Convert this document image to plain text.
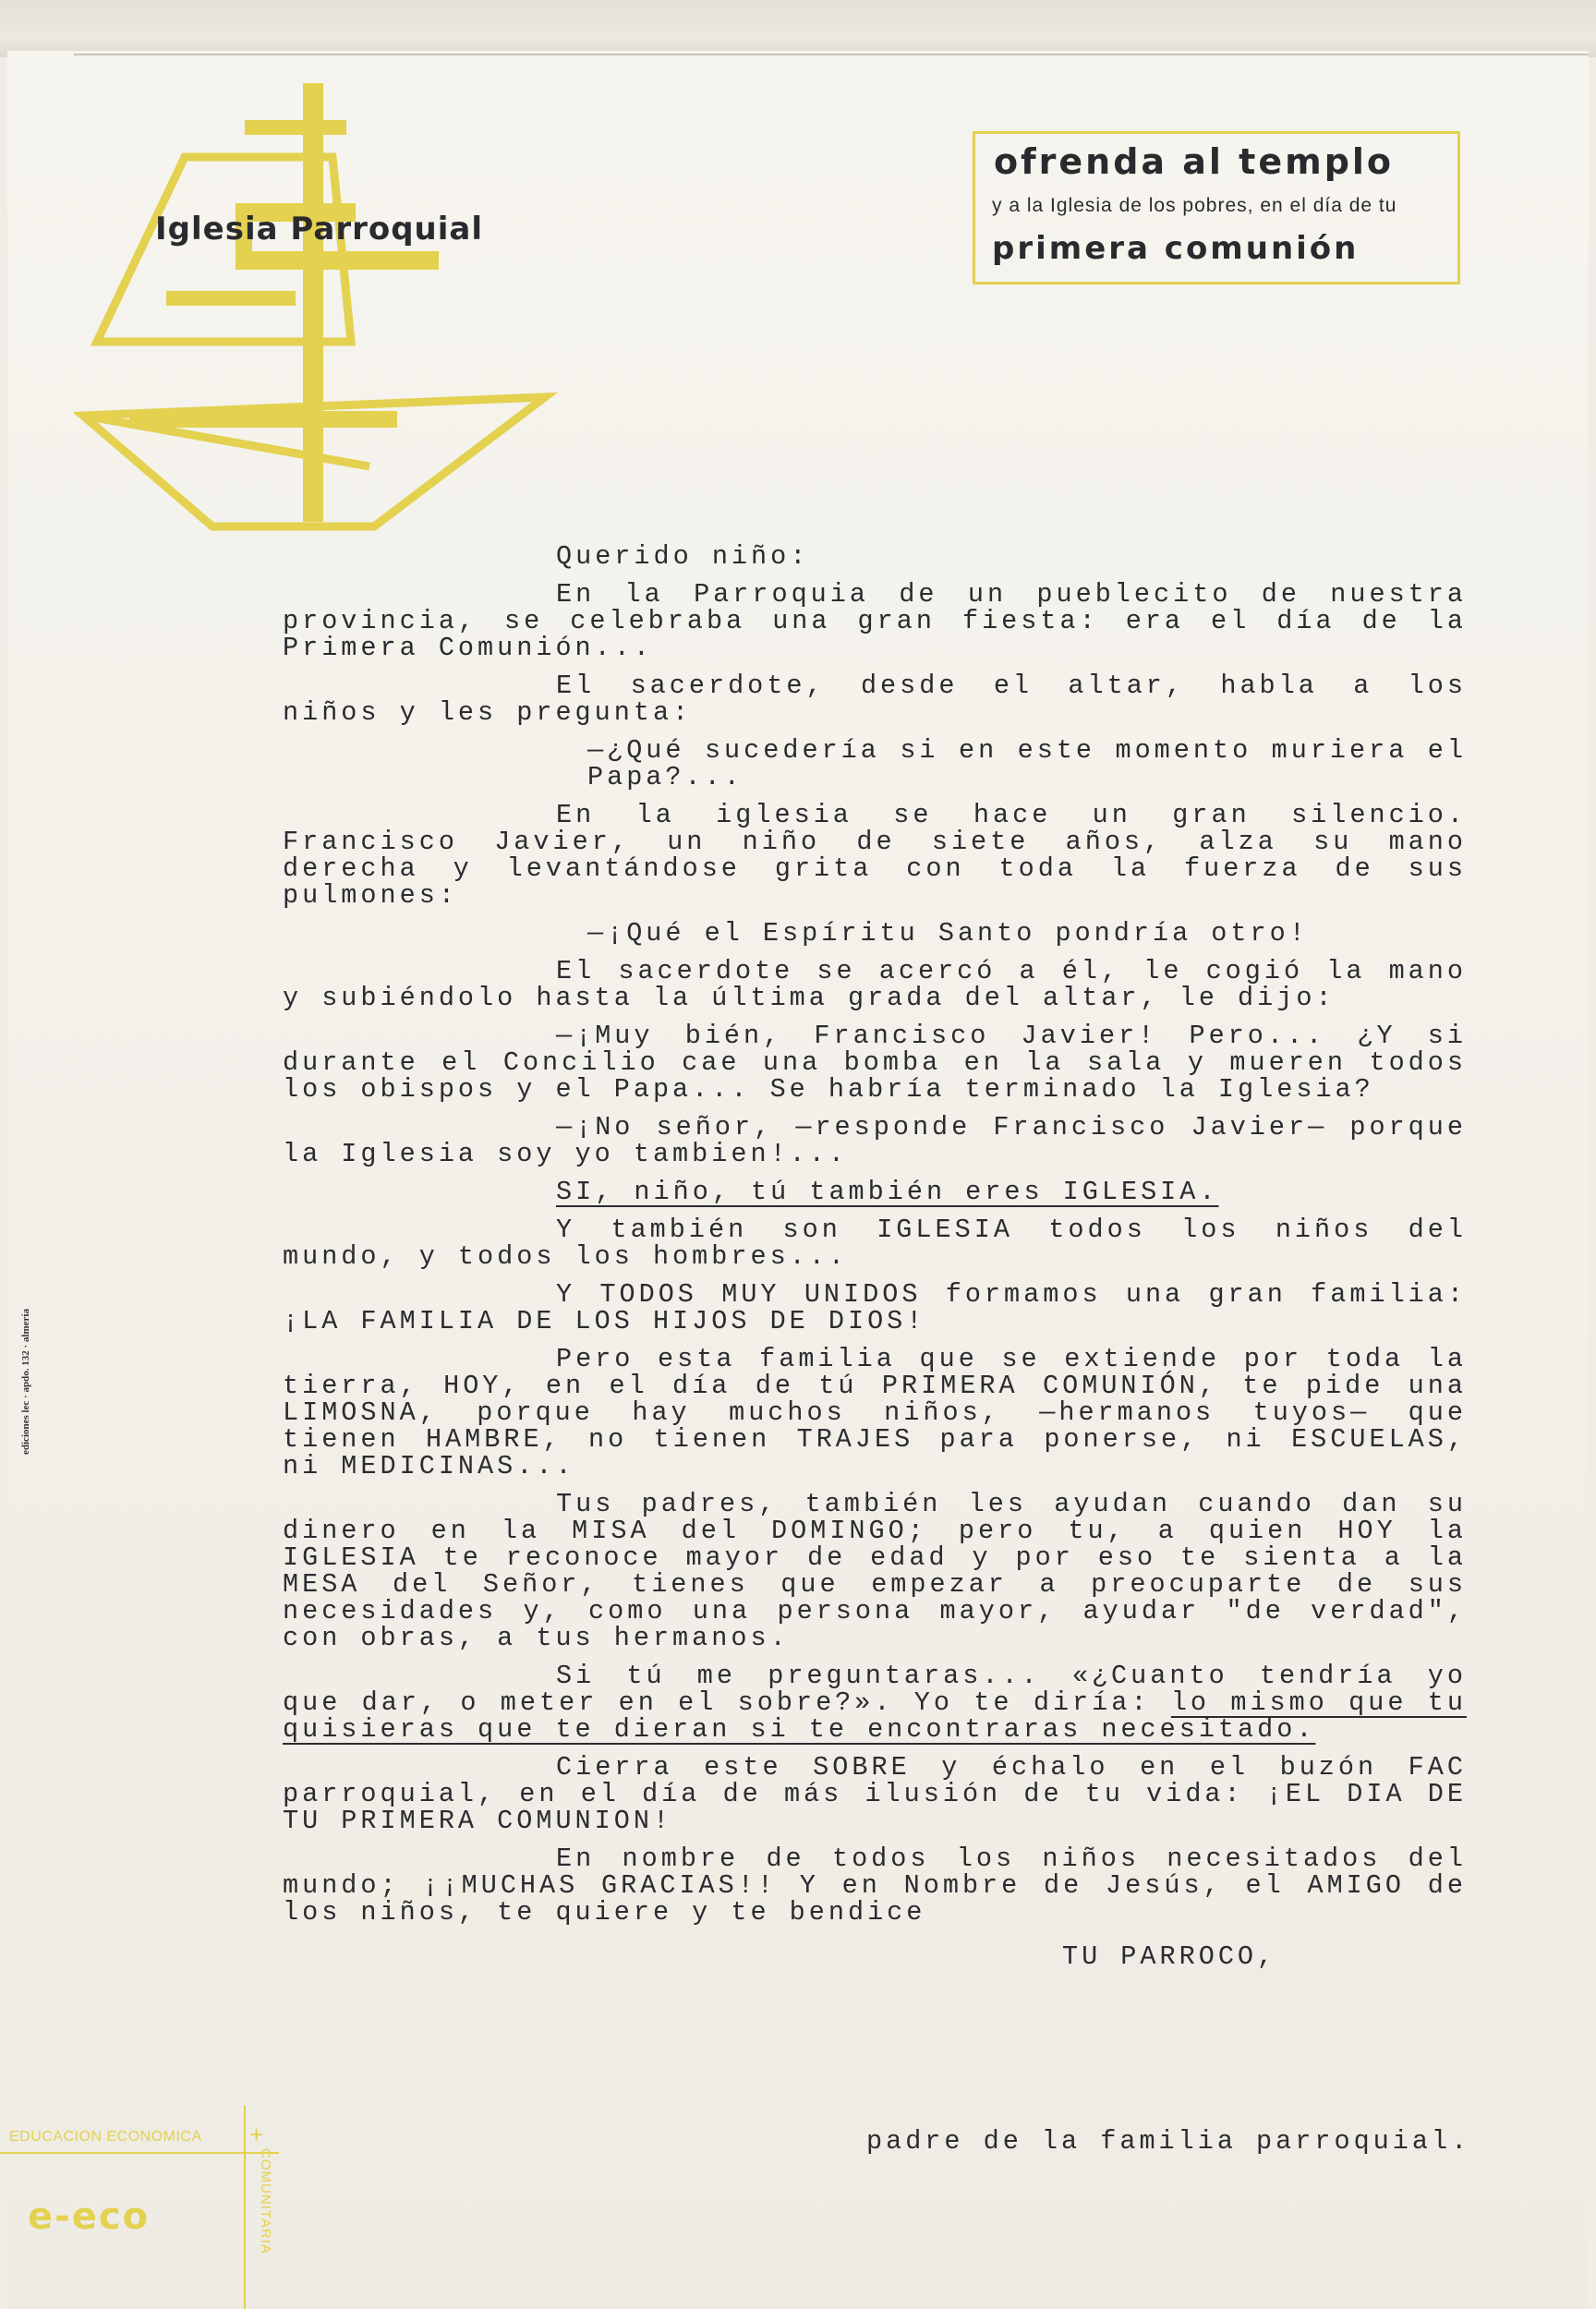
Iglesia Parroquial
ofrenda al templo
y a la Iglesia de los pobres, en el día de tu
primera comunión

Querido niño:

En la Parroquia de un pueblecito de nuestra provincia, se celebraba una gran fiesta: era el día de la Primera Comunión...

El sacerdote, desde el altar, habla a los niños y les pregunta:

—¿Qué sucedería si en este momento muriera el Papa?...

En la iglesia se hace un gran silencio. Francisco Javier, un niño de siete años, alza su mano derecha y levantándose grita con toda la fuerza de sus pulmones:

—¡Qué el Espíritu Santo pondría otro!

El sacerdote se acercó a él, le cogió la mano y subiéndolo hasta la última grada del altar, le dijo:

—¡Muy bién, Francisco Javier! Pero... ¿Y si durante el Concilio cae una bomba en la sala y mueren todos los obispos y el Papa... Se habría terminado la Iglesia?

—¡No señor, —responde Francisco Javier— porque la Iglesia soy yo tambien!...

SI, niño, tú también eres IGLESIA.

Y también son IGLESIA todos los niños del mundo, y todos los hombres...

Y TODOS MUY UNIDOS formamos una gran familia: ¡LA FAMILIA DE LOS HIJOS DE DIOS!

Pero esta familia que se extiende por toda la tierra, HOY, en el día de tú PRIMERA COMUNIÓN, te pide una LIMOSNA, porque hay muchos niños, —hermanos tuyos— que tienen HAMBRE, no tienen TRAJES para ponerse, ni ESCUELAS, ni MEDICINAS...

Tus padres, también les ayudan cuando dan su dinero en la MISA del DOMINGO; pero tu, a quien HOY la IGLESIA te reconoce mayor de edad y por eso te sienta a la MESA del Señor, tienes que empezar a preocuparte de sus necesidades y, como una persona mayor, ayudar "de verdad", con obras, a tus hermanos.

Si tú me preguntaras... «¿Cuanto tendría yo que dar, o meter en el sobre?». Yo te diría: lo mismo que tu quisieras que te dieran si te encontraras necesitado.

Cierra este SOBRE y échalo en el buzón FAC parroquial, en el día de más ilusión de tu vida: ¡EL DIA DE TU PRIMERA COMUNION!

En nombre de todos los niños necesitados del mundo; ¡¡MUCHAS GRACIAS!! Y en Nombre de Jesús, el AMIGO de los niños, te quiere y te bendice

TU PARROCO,
padre de la familia parroquial.
ediciones lec · apdo. 132 · almería
EDUCACION ECONOMICA +
COMUNITARIA
e-eco
